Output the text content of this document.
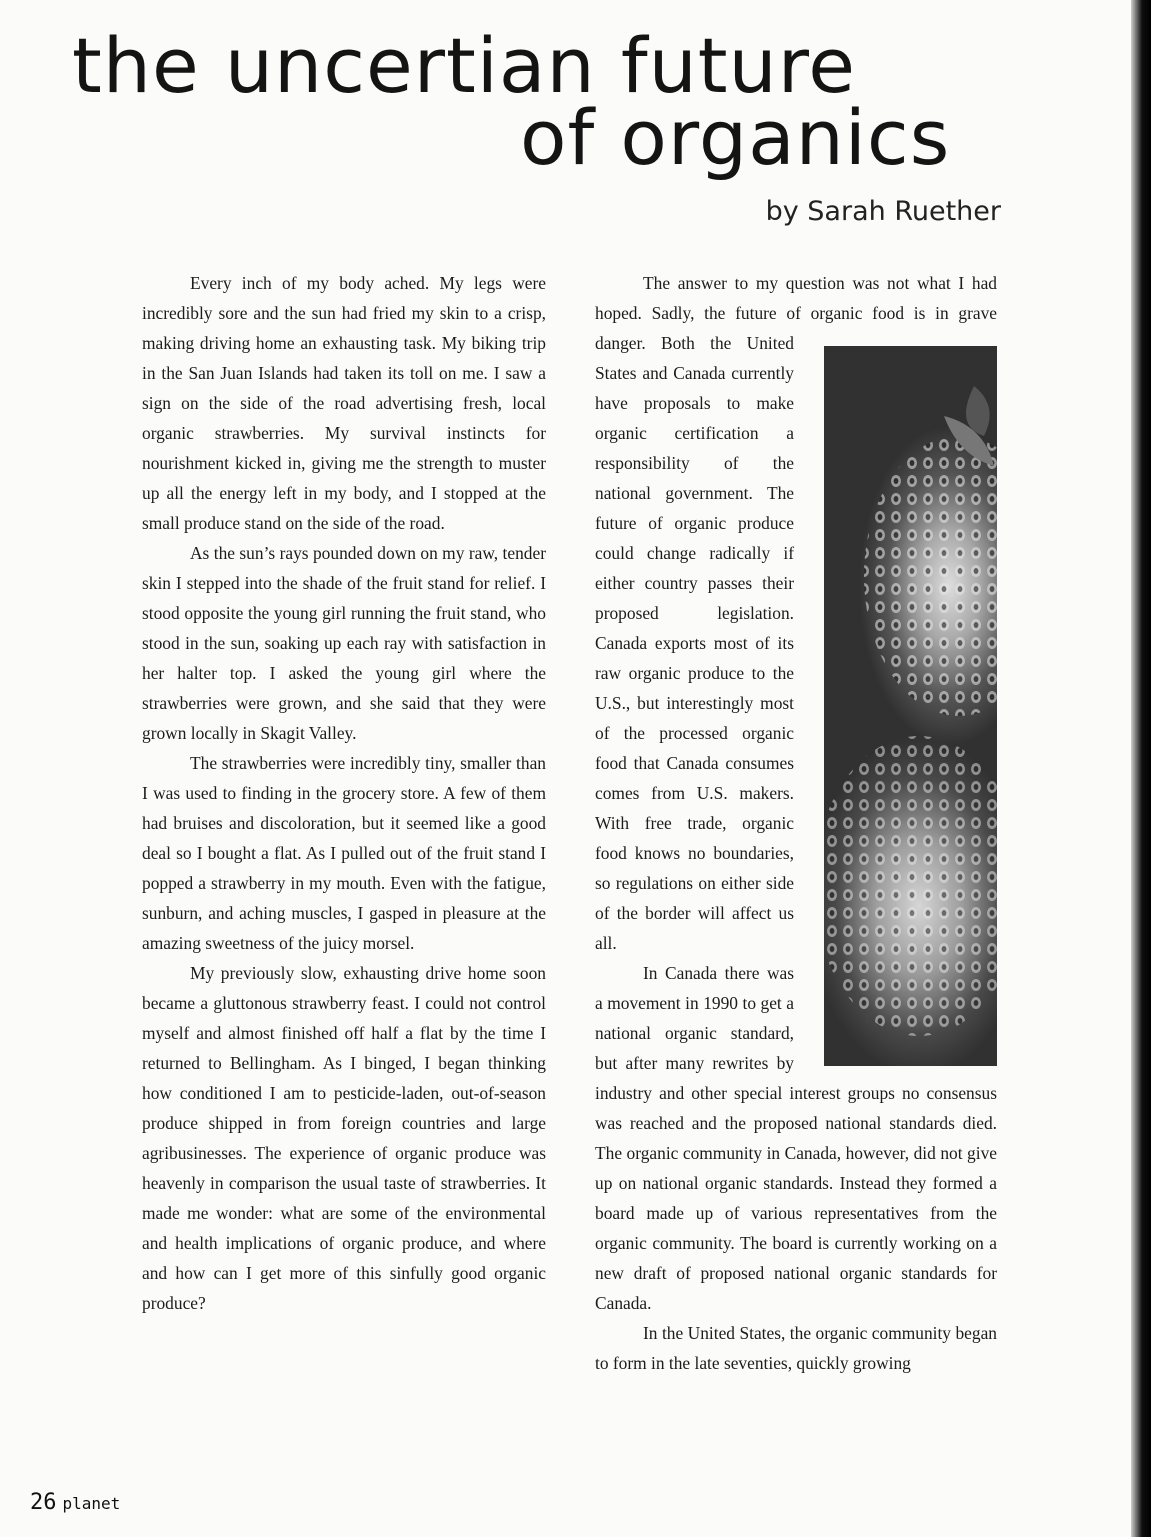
the uncertian future
of organics

by Sarah Ruether

Every inch of my body ached. My legs were incredibly sore and the sun had fried my skin to a crisp, making driving home an exhausting task. My biking trip in the San Juan Islands had taken its toll on me. I saw a sign on the side of the road advertising fresh, local organic strawberries. My survival instincts for nourishment kicked in, giving me the strength to muster up all the energy left in my body, and I stopped at the small produce stand on the side of the road.

As the sun’s rays pounded down on my raw, tender skin I stepped into the shade of the fruit stand for relief. I stood opposite the young girl running the fruit stand, who stood in the sun, soaking up each ray with satisfaction in her halter top. I asked the young girl where the strawberries were grown, and she said that they were grown locally in Skagit Valley.

The strawberries were incredibly tiny, smaller than I was used to finding in the grocery store. A few of them had bruises and discoloration, but it seemed like a good deal so I bought a flat. As I pulled out of the fruit stand I popped a strawberry in my mouth. Even with the fatigue, sunburn, and aching muscles, I gasped in pleasure at the amazing sweetness of the juicy morsel.

My previously slow, exhausting drive home soon became a gluttonous strawberry feast. I could not control myself and almost finished off half a flat by the time I returned to Bellingham. As I binged, I began thinking how conditioned I am to pesticide-laden, out-of-season produce shipped in from foreign countries and large agribusinesses. The experience of organic produce was heavenly in comparison the usual taste of strawberries. It made me wonder: what are some of the environmental and health implications of organic produce, and where and how can I get more of this sinfully good organic produce?

The answer to my question was not what I had hoped. Sadly, the future of organic food is in grave danger. Both the United States and Canada currently have proposals to make organic certification a responsibility of the national government. The future of organic produce could change radically if either country passes their proposed legislation. Canada exports most of its raw organic produce to the U.S., but interestingly most of the processed organic food that Canada consumes comes from U.S. makers. With free trade, organic food knows no boundaries, so regulations on either side of the border will affect us all.

In Canada there was a movement in 1990 to get a national organic standard, but after many rewrites by industry and other special interest groups no consensus was reached and the proposed national standards died. The organic community in Canada, however, did not give up on national organic standards. Instead they formed a board made up of various representatives from the organic community. The board is currently working on a new draft of proposed national organic standards for Canada.

In the United States, the organic community began to form in the late seventies, quickly growing

26 planet
